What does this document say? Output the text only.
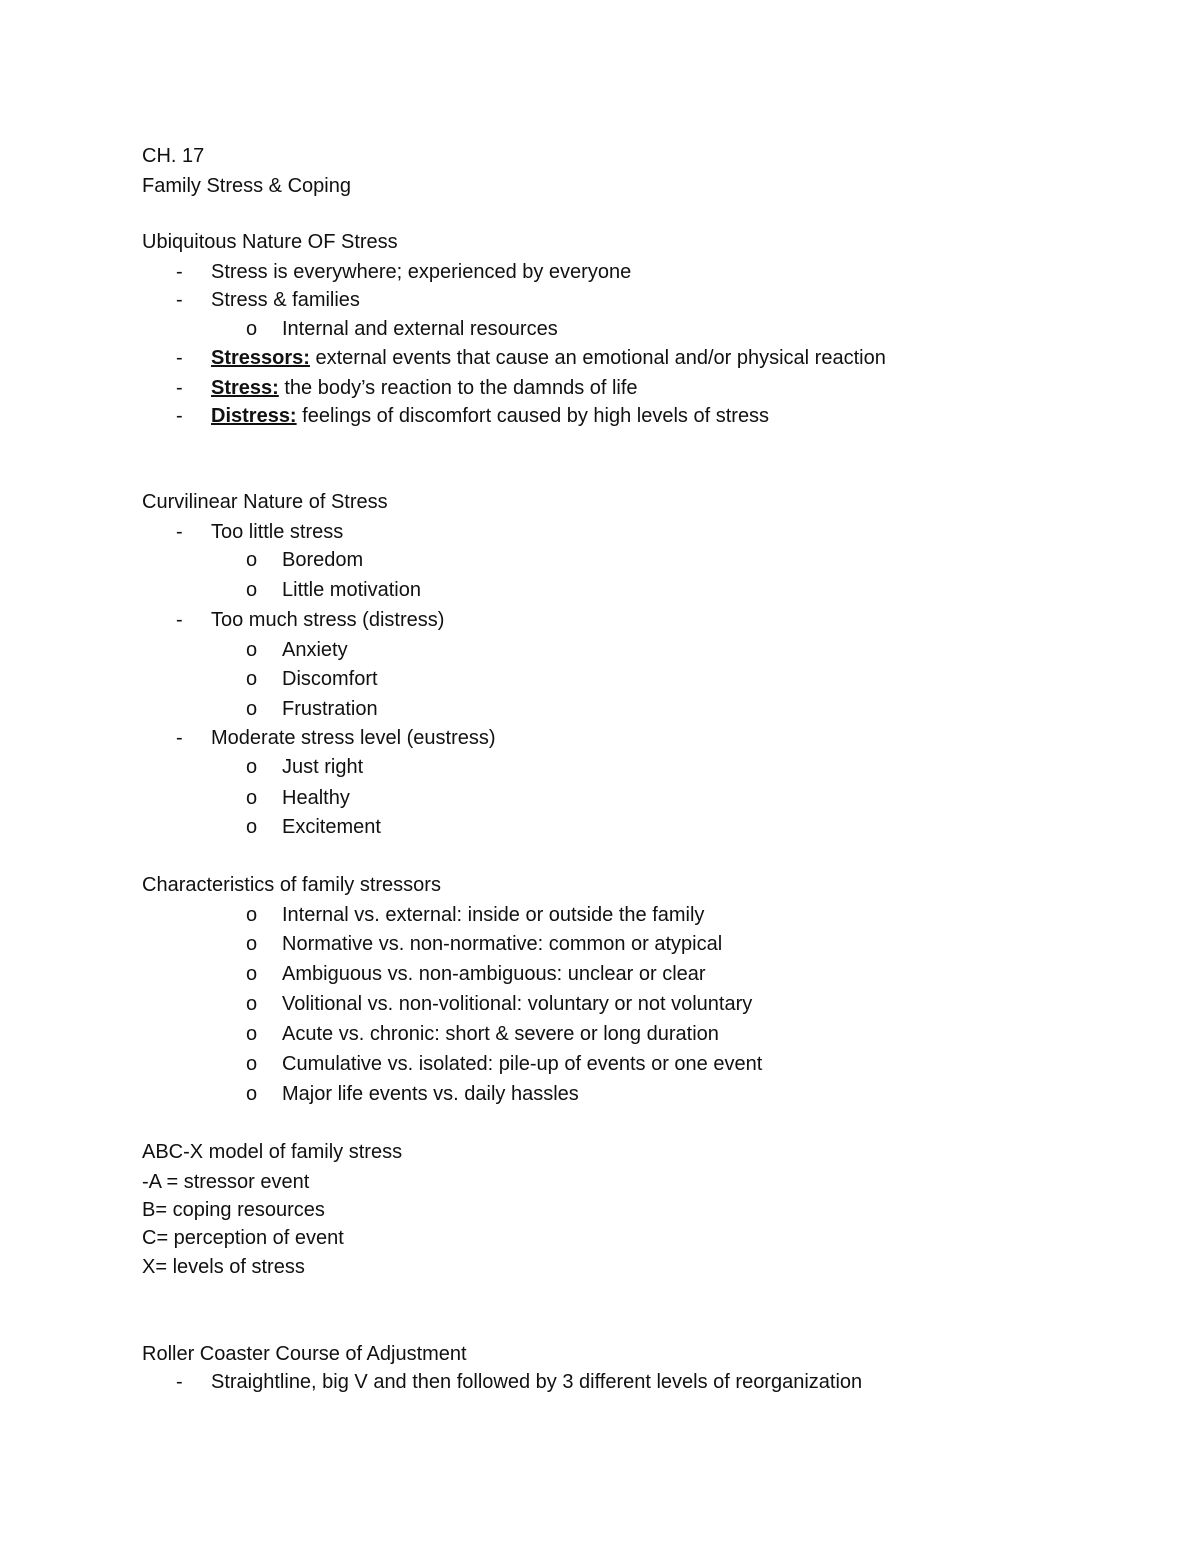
CH. 17
Family Stress & Coping
Ubiquitous Nature OF Stress
- Stress is everywhere; experienced by everyone
- Stress & families
o Internal and external resources
- Stressors: external events that cause an emotional and/or physical reaction
- Stress: the body’s reaction to the damnds of life
- Distress: feelings of discomfort caused by high levels of stress
Curvilinear Nature of Stress
- Too little stress
o Boredom
o Little motivation
- Too much stress (distress)
o Anxiety
o Discomfort
o Frustration
- Moderate stress level (eustress)
o Just right
o Healthy
o Excitement
Characteristics of family stressors
o Internal vs. external: inside or outside the family
o Normative vs. non-normative: common or atypical
o Ambiguous vs. non-ambiguous: unclear or clear
o Volitional vs. non-volitional: voluntary or not voluntary
o Acute vs. chronic: short & severe or long duration
o Cumulative vs. isolated: pile-up of events or one event
o Major life events vs. daily hassles
ABC-X model of family stress
-A = stressor event
B= coping resources
C= perception of event
X= levels of stress
Roller Coaster Course of Adjustment
- Straightline, big V and then followed by 3 different levels of reorganization
